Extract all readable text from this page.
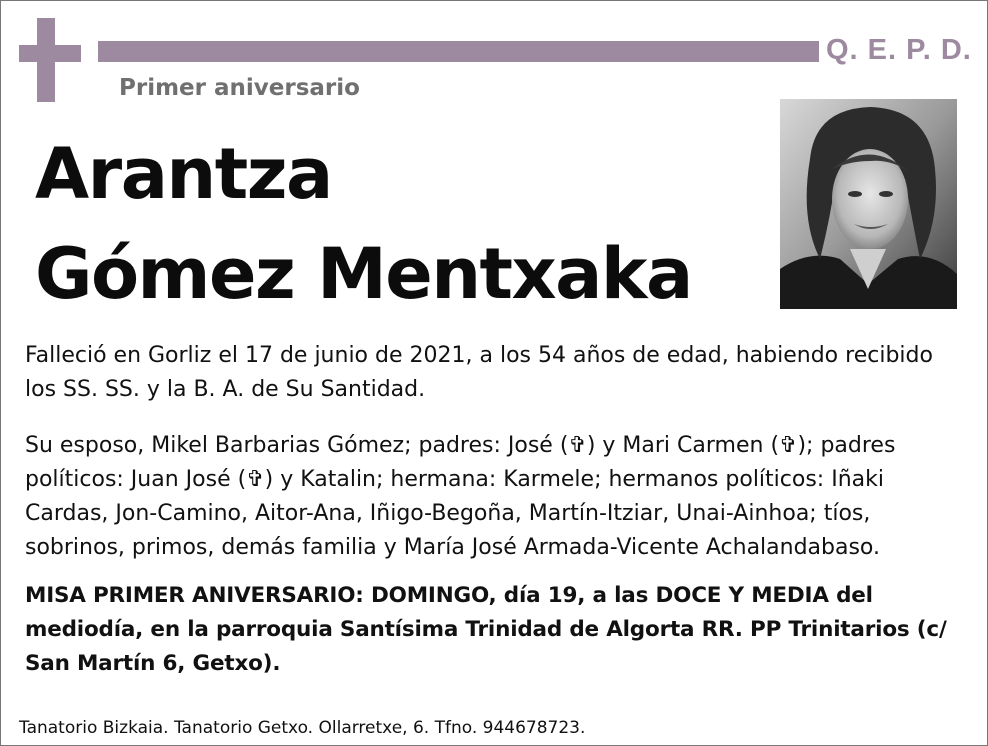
Q. E. P. D.
Primer aniversario
Arantza
Gómez Mentxaka
Falleció en Gorliz el 17 de junio de 2021, a los 54 años de edad, habiendo recibido los SS. SS. y la B. A. de Su Santidad.
Su esposo, Mikel Barbarias Gómez; padres: José (✞) y Mari Carmen (✞); padres políticos: Juan José (✞) y Katalin; hermana: Karmele; hermanos políticos: Iñaki Cardas, Jon-Camino, Aitor-Ana, Iñigo-Begoña, Martín-Itziar, Unai-Ainhoa; tíos, sobrinos, primos, demás familia y María José Armada-Vicente Achalandabaso.
MISA PRIMER ANIVERSARIO: DOMINGO, día 19, a las DOCE Y MEDIA del mediodía, en la parroquia Santísima Trinidad de Algorta RR. PP Trinitarios (c/ San Martín 6, Getxo).
Tanatorio Bizkaia. Tanatorio Getxo. Ollarretxe, 6. Tfno. 944678723.
